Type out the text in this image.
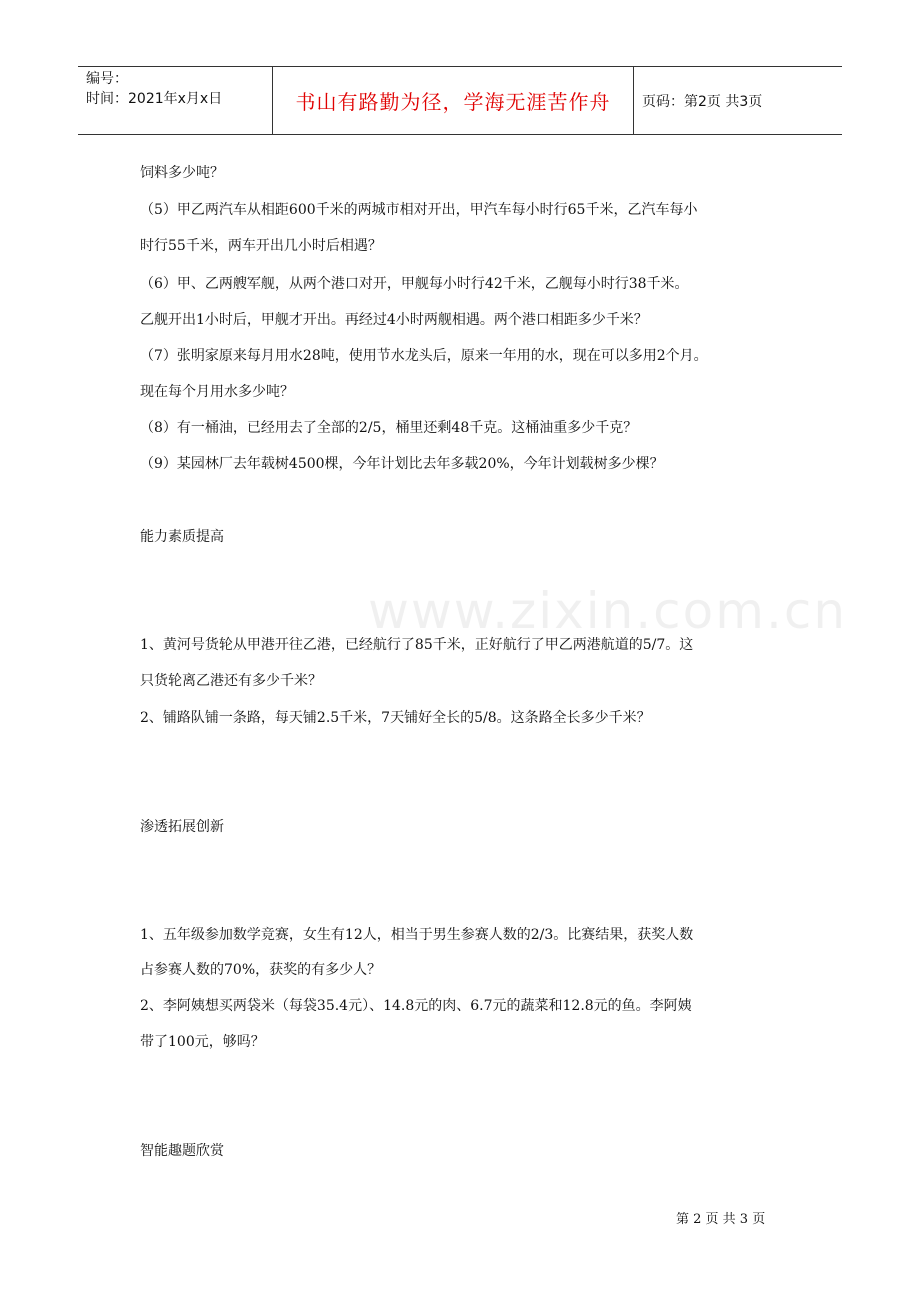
编号：
时间：2021年x月x日	书山有路勤为径，学海无涯苦作舟	页码：第2页 共3页
www.zixin.com.cn
饲料多少吨？
（5）甲乙两汽车从相距600千米的两城市相对开出，甲汽车每小时行65千米，乙汽车每小
时行55千米，两车开出几小时后相遇？
（6）甲、乙两艘军舰，从两个港口对开，甲舰每小时行42千米，乙舰每小时行38千米。
乙舰开出1小时后，甲舰才开出。再经过4小时两舰相遇。两个港口相距多少千米？
（7）张明家原来每月用水28吨，使用节水龙头后，原来一年用的水，现在可以多用2个月。
现在每个月用水多少吨？
（8）有一桶油，已经用去了全部的2/5，桶里还剩48千克。这桶油重多少千克？
（9）某园林厂去年载树4500棵，今年计划比去年多载20%，今年计划载树多少棵？
能力素质提高
1、黄河号货轮从甲港开往乙港，已经航行了85千米，正好航行了甲乙两港航道的5/7。这
只货轮离乙港还有多少千米？
2、铺路队铺一条路，每天铺2.5千米，7天铺好全长的5/8。这条路全长多少千米？
渗透拓展创新
1、五年级参加数学竞赛，女生有12人，相当于男生参赛人数的2/3。比赛结果，获奖人数
占参赛人数的70%，获奖的有多少人？
2、李阿姨想买两袋米（每袋35.4元）、14.8元的肉、6.7元的蔬菜和12.8元的鱼。李阿姨
带了100元，够吗？
智能趣题欣赏
第 2 页 共 3 页
